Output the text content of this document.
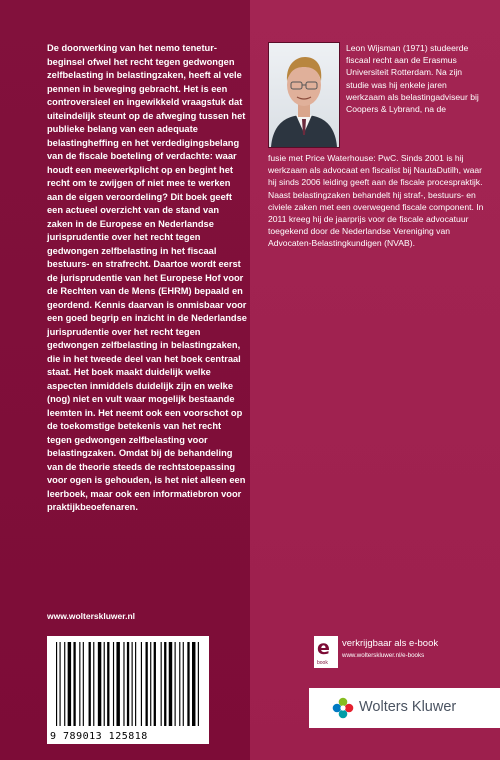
De doorwerking van het nemo tenetur-beginsel ofwel het recht tegen gedwongen zelfbelasting in belastingzaken, heeft al vele pennen in beweging gebracht. Het is een controversieel en ingewikkeld vraagstuk dat uiteindelijk steunt op de afweging tussen het publieke belang van een adequate belastingheffing en het verdedigingsbelang van de fiscale boeteling of verdachte: waar houdt een meewerkplicht op en begint het recht om te zwijgen of niet mee te werken aan de eigen veroordeling? Dit boek geeft een actueel overzicht van de stand van zaken in de Europese en Nederlandse jurisprudentie over het recht tegen gedwongen zelfbelasting in het fiscaal bestuurs- en strafrecht. Daartoe wordt eerst de jurisprudentie van het Europese Hof voor de Rechten van de Mens (EHRM) bepaald en geordend. Kennis daarvan is onmisbaar voor een goed begrip en inzicht in de Nederlandse jurisprudentie over het recht tegen gedwongen zelfbelasting in belastingzaken, die in het tweede deel van het boek centraal staat. Het boek maakt duidelijk welke aspecten inmiddels duidelijk zijn en welke (nog) niet en vult waar mogelijk bestaande leemten in. Het neemt ook een voorschot op de toekomstige betekenis van het recht tegen gedwongen zelfbelasting voor belastingzaken. Omdat bij de behandeling van de theorie steeds de rechtstoepassing voor ogen is gehouden, is het niet alleen een leerboek, maar ook een informatiebron voor praktijkbeoefenaren.

Leon Wijsman (1971) studeerde fiscaal recht aan de Erasmus Universiteit Rotterdam. Na zijn studie was hij enkele jaren werkzaam als belastingadviseur bij Coopers & Lybrand, na de

fusie met Price Waterhouse: PwC. Sinds 2001 is hij werkzaam als advocaat en fiscalist bij NautaDutilh, waar hij sinds 2006 leiding geeft aan de fiscale procespraktijk. Naast belastingzaken behandelt hij straf-, bestuurs- en civiele zaken met een overwegend fiscale component. In 2011 kreeg hij de jaarprijs voor de fiscale advocatuur toegekend door de Nederlandse Vereniging van Advocaten-Belastingkundigen (NVAB).

www.wolterskluwer.nl
9 789013 125818
e
book
verkrijgbaar als e-book
www.wolterskluwer.nl/e-books
Wolters Kluwer
